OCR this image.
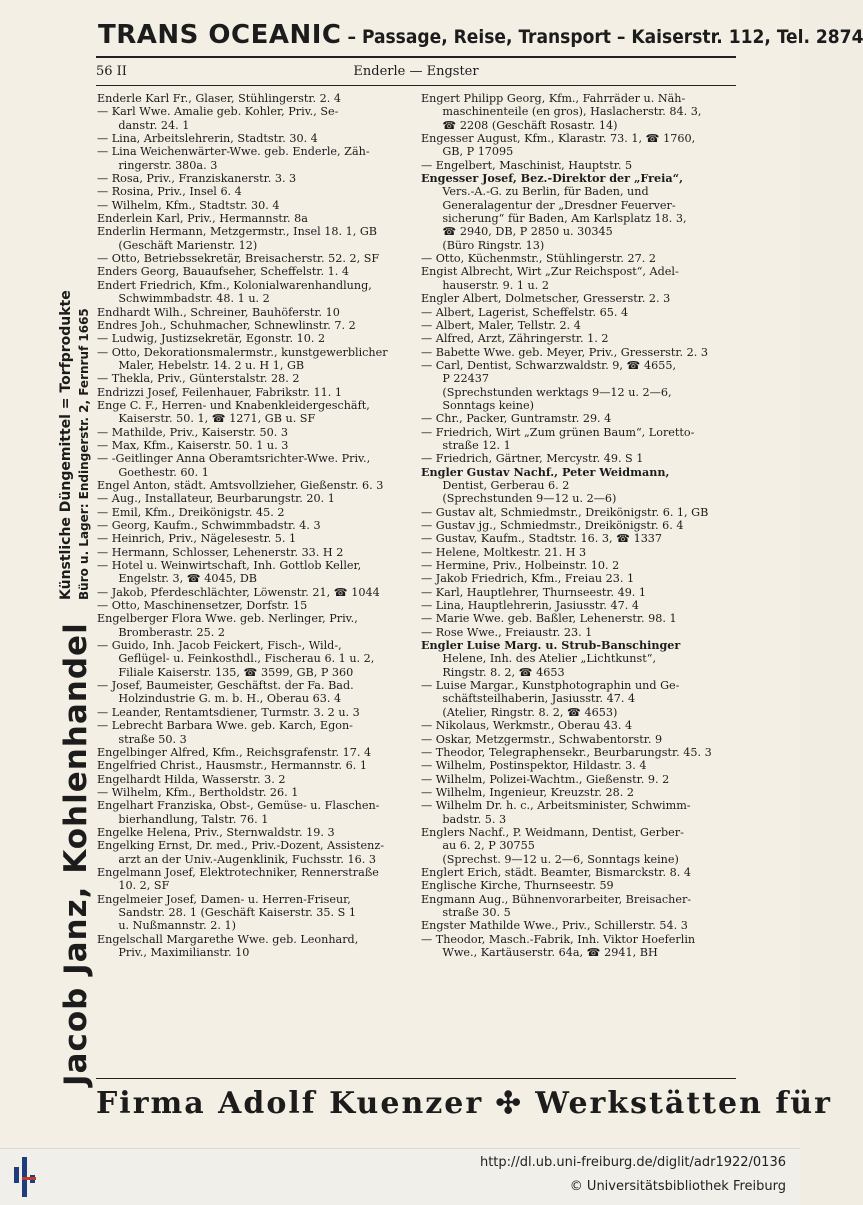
TRANS OCEANIC – Passage, Reise, Transport – Kaiserstr. 112, Tel. 2874
56 II	Enderle — Engster
Jacob Janz, Kohlenhandel
Künstliche Düngemittel = Torfprodukte Büro u. Lager: Endingerstr. 2, Fernruf 1665
Enderle Karl Fr., Glaser, Stühlingerstr. 2. 4
— Karl Wwe. Amalie geb. Kohler, Priv., Se-
danstr. 24. 1
— Lina, Arbeitslehrerin, Stadtstr. 30. 4
— Lina Weichenwärter-Wwe. geb. Enderle, Zäh-
ringerstr. 380a. 3
— Rosa, Priv., Franziskanerstr. 3. 3
— Rosina, Priv., Insel 6. 4
— Wilhelm, Kfm., Stadtstr. 30. 4
Enderlein Karl, Priv., Hermannstr. 8a
Enderlin Hermann, Metzgermstr., Insel 18. 1, GB
(Geschäft Marienstr. 12)
— Otto, Betriebssekretär, Breisacherstr. 52. 2, SF
Enders Georg, Bauaufseher, Scheffelstr. 1. 4
Endert Friedrich, Kfm., Kolonialwarenhandlung,
Schwimmbadstr. 48. 1 u. 2
Endhardt Wilh., Schreiner, Bauhöferstr. 10
Endres Joh., Schuhmacher, Schnewlinstr. 7. 2
— Ludwig, Justizsekretär, Egonstr. 10. 2
— Otto, Dekorationsmalermstr., kunstgewerblicher
Maler, Hebelstr. 14. 2 u. H 1, GB
— Thekla, Priv., Günterstalstr. 28. 2
Endrizzi Josef, Feilenhauer, Fabrikstr. 11. 1
Enge C. F., Herren- und Knabenkleidergeschäft,
Kaiserstr. 50. 1, ☎ 1271, GB u. SF
— Mathilde, Priv., Kaiserstr. 50. 3
— Max, Kfm., Kaiserstr. 50. 1 u. 3
— -Geitlinger Anna Oberamtsrichter-Wwe. Priv.,
Goethestr. 60. 1
Engel Anton, städt. Amtsvollzieher, Gießenstr. 6. 3
— Aug., Installateur, Beurbarungstr. 20. 1
— Emil, Kfm., Dreikönigstr. 45. 2
— Georg, Kaufm., Schwimmbadstr. 4. 3
— Heinrich, Priv., Nägelesestr. 5. 1
— Hermann, Schlosser, Lehenerstr. 33. H 2
— Hotel u. Weinwirtschaft, Inh. Gottlob Keller,
Engelstr. 3, ☎ 4045, DB
— Jakob, Pferdeschlächter, Löwenstr. 21, ☎ 1044
— Otto, Maschinensetzer, Dorfstr. 15
Engelberger Flora Wwe. geb. Nerlinger, Priv.,
Bromberastr. 25. 2
— Guido, Inh. Jacob Feickert, Fisch-, Wild-,
Geflügel- u. Feinkosthdl., Fischerau 6. 1 u. 2,
Filiale Kaiserstr. 135, ☎ 3599, GB, P 360
— Josef, Baumeister, Geschäftst. der Fa. Bad.
Holzindustrie G. m. b. H., Oberau 63. 4
— Leander, Rentamtsdiener, Turmstr. 3. 2 u. 3
— Lebrecht Barbara Wwe. geb. Karch, Egon-
straße 50. 3
Engelbinger Alfred, Kfm., Reichsgrafenstr. 17. 4
Engelfried Christ., Hausmstr., Hermannstr. 6. 1
Engelhardt Hilda, Wasserstr. 3. 2
— Wilhelm, Kfm., Bertholdstr. 26. 1
Engelhart Franziska, Obst-, Gemüse- u. Flaschen-
bierhandlung, Talstr. 76. 1
Engelke Helena, Priv., Sternwaldstr. 19. 3
Engelking Ernst, Dr. med., Priv.-Dozent, Assistenz-
arzt an der Univ.-Augenklinik, Fuchsstr. 16. 3
Engelmann Josef, Elektrotechniker, Rennerstraße
10. 2, SF
Engelmeier Josef, Damen- u. Herren-Friseur,
Sandstr. 28. 1 (Geschäft Kaiserstr. 35. S 1
u. Nußmannstr. 2. 1)
Engelschall Margarethe Wwe. geb. Leonhard,
Priv., Maximilianstr. 10
Engert Philipp Georg, Kfm., Fahrräder u. Näh-
maschinenteile (en gros), Haslacherstr. 84. 3,
☎ 2208 (Geschäft Rosastr. 14)
Engesser August, Kfm., Klarastr. 73. 1, ☎ 1760,
GB, P 17095
— Engelbert, Maschinist, Hauptstr. 5
Engesser Josef, Bez.-Direktor der „Freia“,
Vers.-A.-G. zu Berlin, für Baden, und
Generalagentur der „Dresdner Feuerver-
sicherung“ für Baden, Am Karlsplatz 18. 3,
☎ 2940, DB, P 2850 u. 30345
(Büro Ringstr. 13)
— Otto, Küchenmstr., Stühlingerstr. 27. 2
Engist Albrecht, Wirt „Zur Reichspost“, Adel-
hauserstr. 9. 1 u. 2
Engler Albert, Dolmetscher, Gresserstr. 2. 3
— Albert, Lagerist, Scheffelstr. 65. 4
— Albert, Maler, Tellstr. 2. 4
— Alfred, Arzt, Zähringerstr. 1. 2
— Babette Wwe. geb. Meyer, Priv., Gresserstr. 2. 3
— Carl, Dentist, Schwarzwaldstr. 9, ☎ 4655,
P 22437
(Sprechstunden werktags 9—12 u. 2—6,
Sonntags keine)
— Chr., Packer, Guntramstr. 29. 4
— Friedrich, Wirt „Zum grünen Baum“, Loretto-
straße 12. 1
— Friedrich, Gärtner, Mercystr. 49. S 1
Engler Gustav Nachf., Peter Weidmann,
Dentist, Gerberau 6. 2
(Sprechstunden 9—12 u. 2—6)
— Gustav alt, Schmiedmstr., Dreikönigstr. 6. 1, GB
— Gustav jg., Schmiedmstr., Dreikönigstr. 6. 4
— Gustav, Kaufm., Stadtstr. 16. 3, ☎ 1337
— Helene, Moltkestr. 21. H 3
— Hermine, Priv., Holbeinstr. 10. 2
— Jakob Friedrich, Kfm., Freiau 23. 1
— Karl, Hauptlehrer, Thurnseestr. 49. 1
— Lina, Hauptlehrerin, Jasiusstr. 47. 4
— Marie Wwe. geb. Baßler, Lehenerstr. 98. 1
— Rose Wwe., Freiaustr. 23. 1
Engler Luise Marg. u. Strub-Banschinger
Helene, Inh. des Atelier „Lichtkunst“,
Ringstr. 8. 2, ☎ 4653
— Luise Margar., Kunstphotographin und Ge-
schäftsteilhaberin, Jasiusstr. 47. 4
(Atelier, Ringstr. 8. 2, ☎ 4653)
— Nikolaus, Werkmstr., Oberau 43. 4
— Oskar, Metzgermstr., Schwabentorstr. 9
— Theodor, Telegraphensekr., Beurbarungstr. 45. 3
— Wilhelm, Postinspektor, Hildastr. 3. 4
— Wilhelm, Polizei-Wachtm., Gießenstr. 9. 2
— Wilhelm, Ingenieur, Kreuzstr. 28. 2
— Wilhelm Dr. h. c., Arbeitsminister, Schwimm-
badstr. 5. 3
Englers Nachf., P. Weidmann, Dentist, Gerber-
au 6. 2, P 30755
(Sprechst. 9—12 u. 2—6, Sonntags keine)
Englert Erich, städt. Beamter, Bismarckstr. 8. 4
Englische Kirche, Thurnseestr. 59
Engmann Aug., Bühnenvorarbeiter, Breisacher-
straße 30. 5
Engster Mathilde Wwe., Priv., Schillerstr. 54. 3
— Theodor, Masch.-Fabrik, Inh. Viktor Hoeferlin
Wwe., Kartäuserstr. 64a, ☎ 2941, BH
Firma Adolf Kuenzer ✣ Werkstätten für
http://dl.ub.uni-freiburg.de/diglit/adr1922/0136
© Universitätsbibliothek Freiburg
